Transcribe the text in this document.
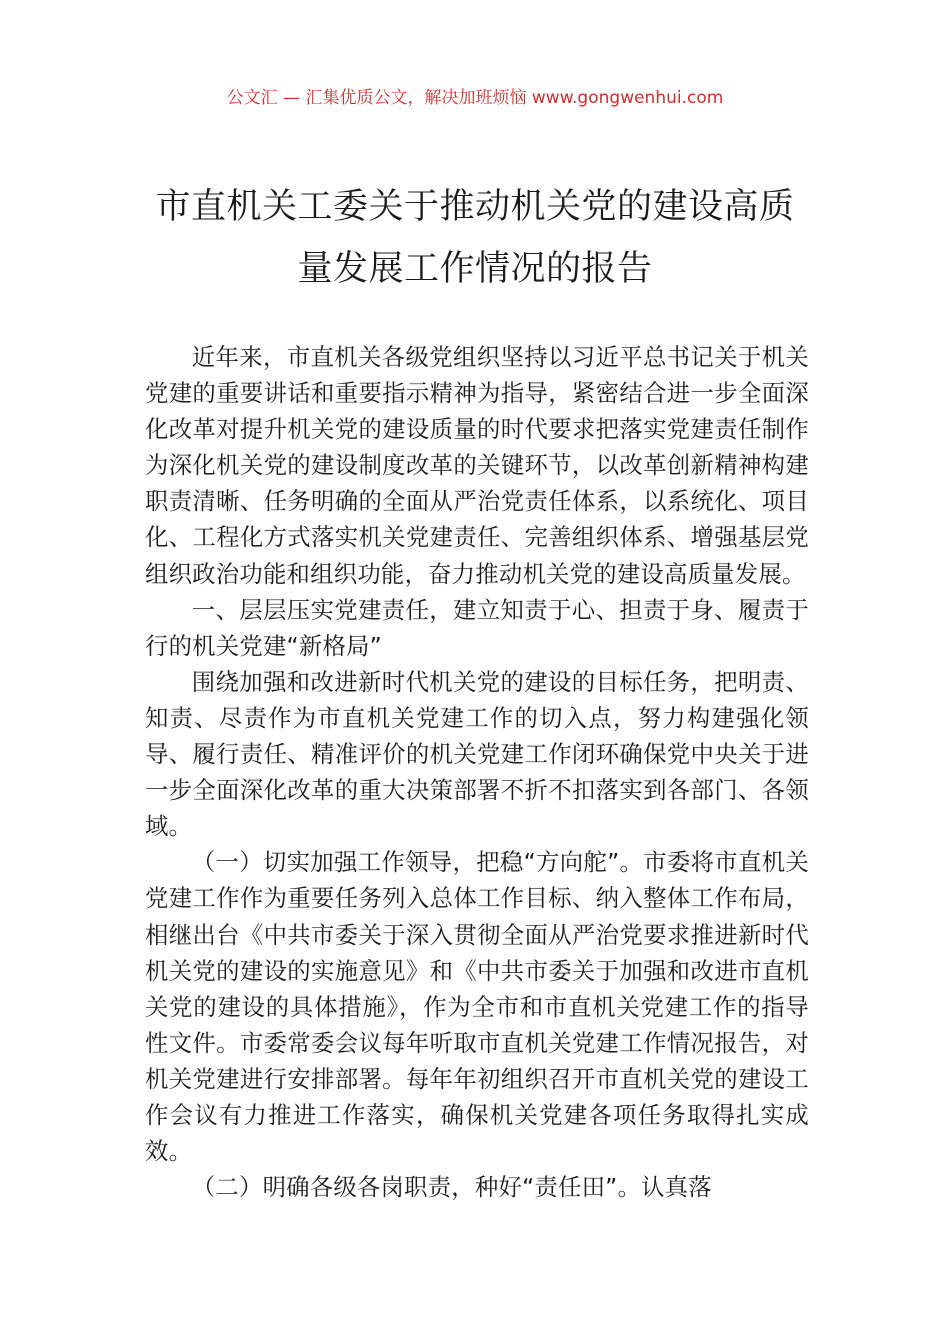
公文汇 — 汇集优质公文，解决加班烦恼 www.gongwenhui.com
市直机关工委关于推动机关党的建设高质
量发展工作情况的报告

近年来，市直机关各级党组织坚持以习近平总书记关于机关党建的重要讲话和重要指示精神为指导，紧密结合进一步全面深化改革对提升机关党的建设质量的时代要求把落实党建责任制作为深化机关党的建设制度改革的关键环节，以改革创新精神构建职责清晰、任务明确的全面从严治党责任体系，以系统化、项目化、工程化方式落实机关党建责任、完善组织体系、增强基层党组织政治功能和组织功能，奋力推动机关党的建设高质量发展。

一、层层压实党建责任，建立知责于心、担责于身、履责于行的机关党建“新格局”

围绕加强和改进新时代机关党的建设的目标任务，把明责、知责、尽责作为市直机关党建工作的切入点，努力构建强化领导、履行责任、精准评价的机关党建工作闭环确保党中央关于进一步全面深化改革的重大决策部署不折不扣落实到各部门、各领域。

（一）切实加强工作领导，把稳“方向舵”。市委将市直机关党建工作作为重要任务列入总体工作目标、纳入整体工作布局，相继出台《中共市委关于深入贯彻全面从严治党要求推进新时代机关党的建设的实施意见》和《中共市委关于加强和改进市直机关党的建设的具体措施》，作为全市和市直机关党建工作的指导性文件。市委常委会议每年听取市直机关党建工作情况报告，对机关党建进行安排部署。每年年初组织召开市直机关党的建设工作会议有力推进工作落实，确保机关党建各项任务取得扎实成效。

（二）明确各级各岗职责，种好“责任田”。认真落
